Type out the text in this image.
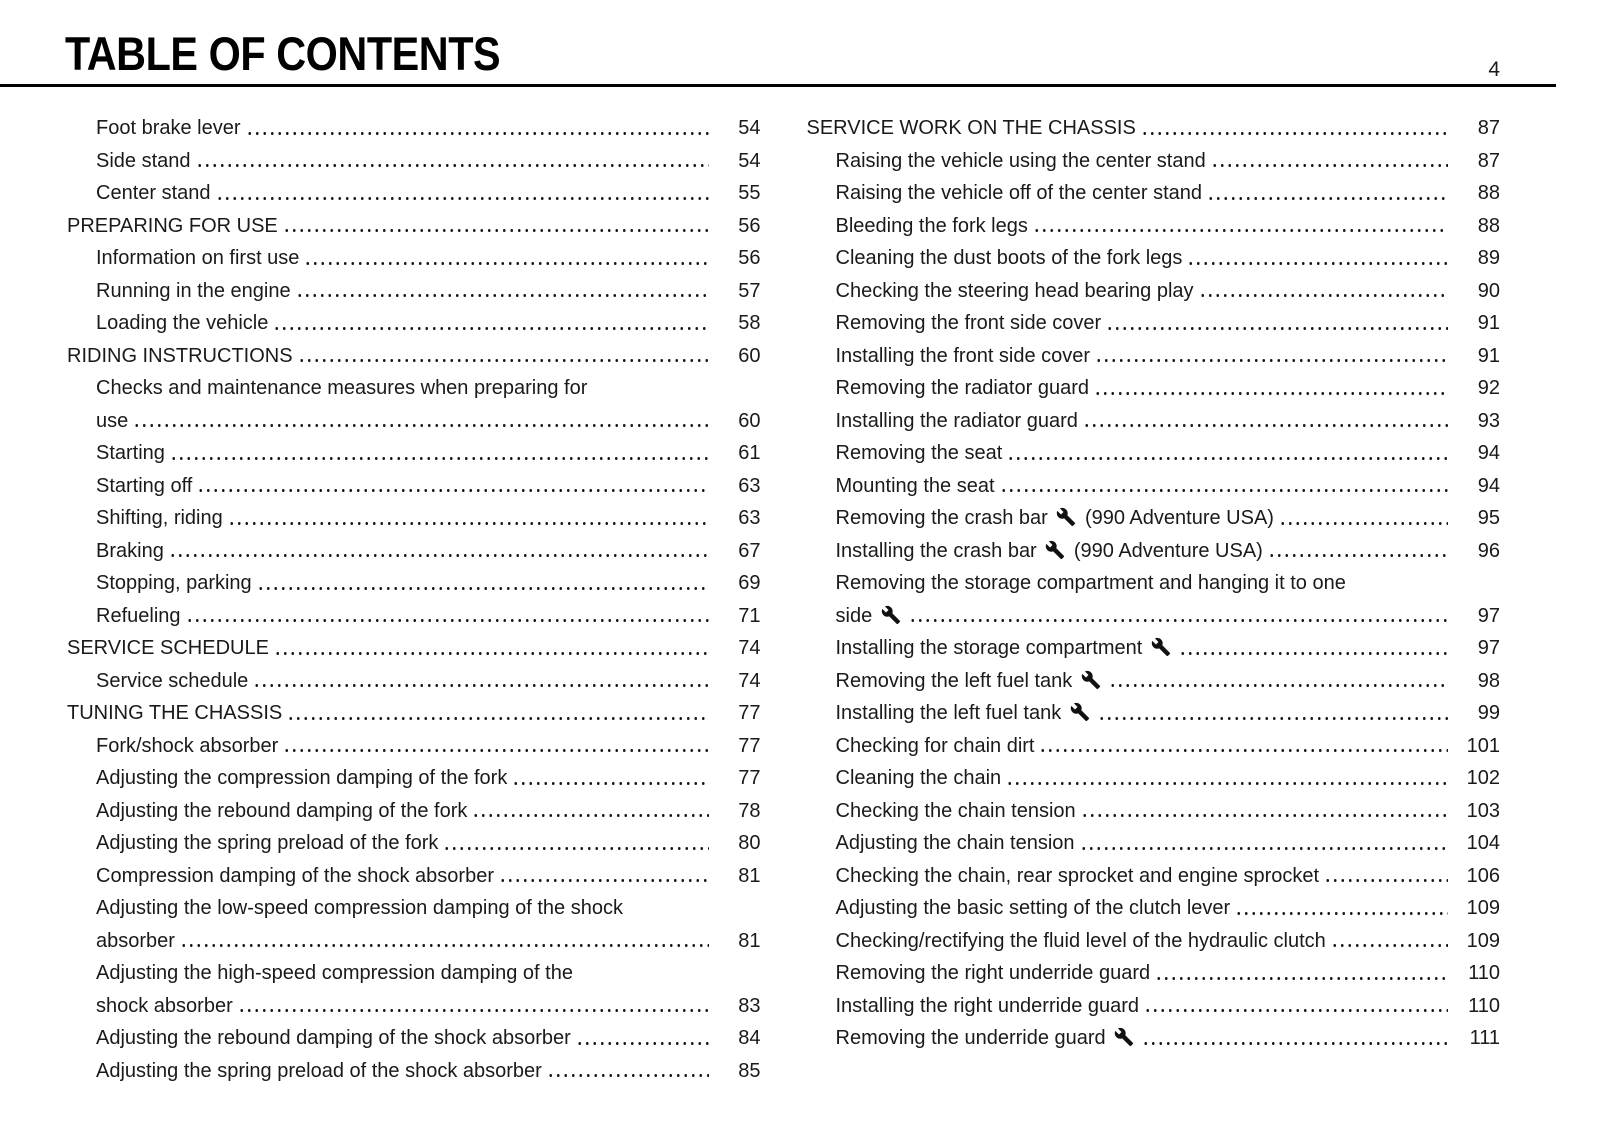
TABLE OF CONTENTS	4
Foot brake lever	54
Side stand	54
Center stand	55
PREPARING FOR USE	56
Information on first use	56
Running in the engine	57
Loading the vehicle	58
RIDING INSTRUCTIONS	60
Checks and maintenance measures when preparing for
use	60
Starting	61
Starting off	63
Shifting, riding	63
Braking	67
Stopping, parking	69
Refueling	71
SERVICE SCHEDULE	74
Service schedule	74
TUNING THE CHASSIS	77
Fork/shock absorber	77
Adjusting the compression damping of the fork	77
Adjusting the rebound damping of the fork	78
Adjusting the spring preload of the fork	80
Compression damping of the shock absorber	81
Adjusting the low-speed compression damping of the shock
absorber	81
Adjusting the high-speed compression damping of the
shock absorber	83
Adjusting the rebound damping of the shock absorber	84
Adjusting the spring preload of the shock absorber	85
SERVICE WORK ON THE CHASSIS	87
Raising the vehicle using the center stand	87
Raising the vehicle off of the center stand	88
Bleeding the fork legs	88
Cleaning the dust boots of the fork legs	89
Checking the steering head bearing play	90
Removing the front side cover	91
Installing the front side cover	91
Removing the radiator guard	92
Installing the radiator guard	93
Removing the seat	94
Mounting the seat	94
Removing the crash bar  (990 Adventure USA)	95
Installing the crash bar  (990 Adventure USA)	96
Removing the storage compartment and hanging it to one
side	97
Installing the storage compartment	97
Removing the left fuel tank	98
Installing the left fuel tank	99
Checking for chain dirt	101
Cleaning the chain	102
Checking the chain tension	103
Adjusting the chain tension	104
Checking the chain, rear sprocket and engine sprocket	106
Adjusting the basic setting of the clutch lever	109
Checking/rectifying the fluid level of the hydraulic clutch	109
Removing the right underride guard	110
Installing the right underride guard	110
Removing the underride guard	111
